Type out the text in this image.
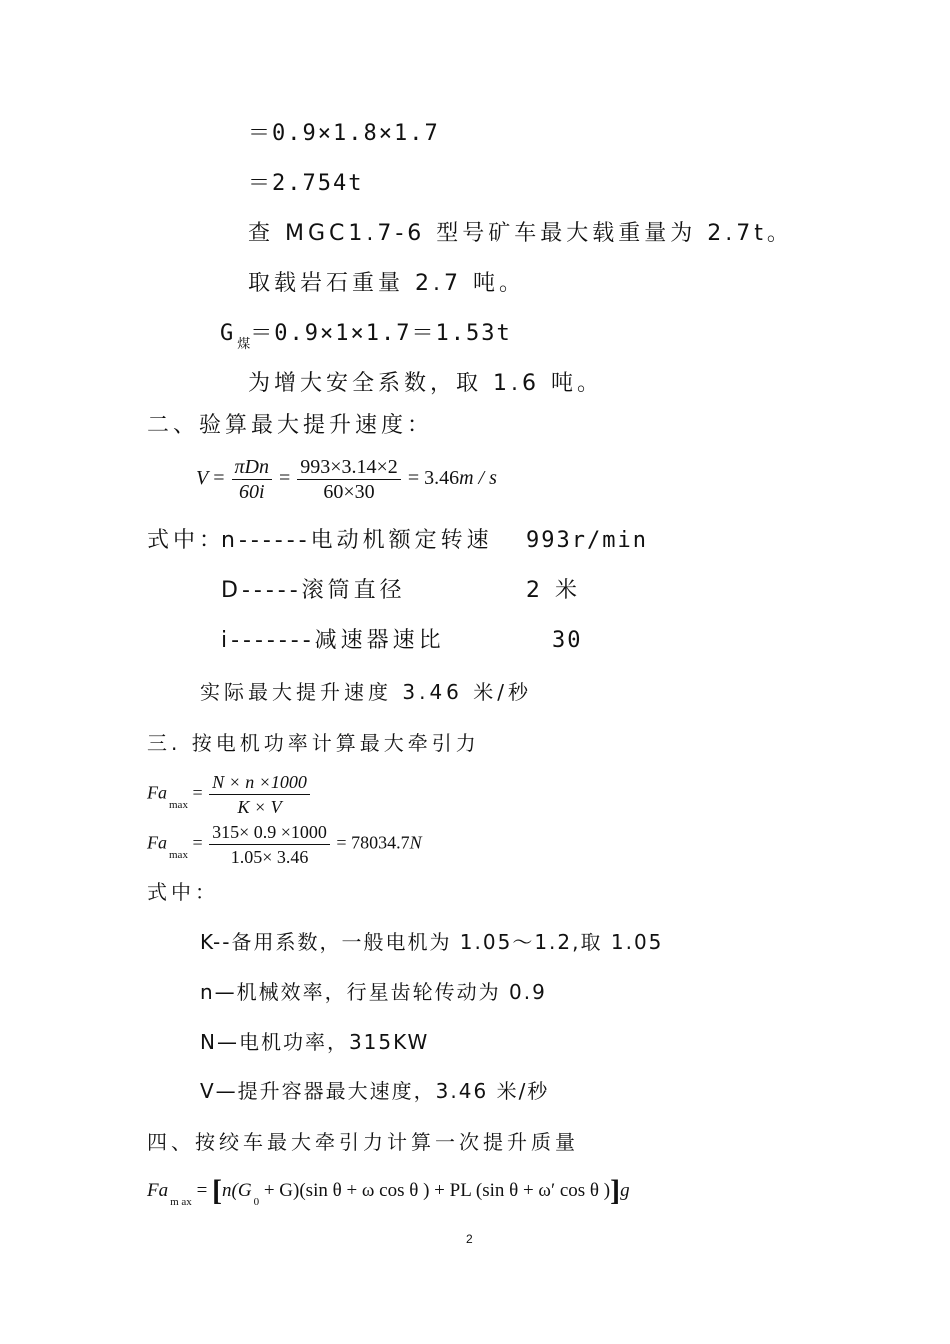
＝0.9×1.8×1.7
＝2.754t
查 MGC1.7-6 型号矿车最大载重量为 2.7t。
取载岩石重量 2.7 吨。
G $_煤$＝0.9×1×1.7＝1.53t
为增大安全系数，取 1.6 吨。
二、验算最大提升速度：
$V = \frac{\text{πDn}}{60i} = \frac{993\times 3.14\times 2}{60\times 30} = 3.46m / s$
式中：
n------电动机额定转速 993r/min
D-----滚筒直径	2 米
i-------减速器速比	30
实际最大提升速度 3.46 米/秒
三. 按电机功率计算最大牵引力
$Fa_{max} = \frac{N \times n \times 1000}{K \times V}$
$Fa_{max} = \frac{315\times 0.9 \times 1000}{1.05\times 3.46} = 78034.7N$
式中：
K--备用系数，一般电机为 1.05～1.2,取 1.05
n—机械效率，行星齿轮传动为 0.9
N—电机功率，315KW
V—提升容器最大速度，3.46 米/秒
四、按绞车最大牵引力计算一次提升质量
$Fa_{m ax} = [n(G_0 + G)(\sin$ θ + ω cos θ ) + PL (sin θ + ω′ cos θ )]g
2
